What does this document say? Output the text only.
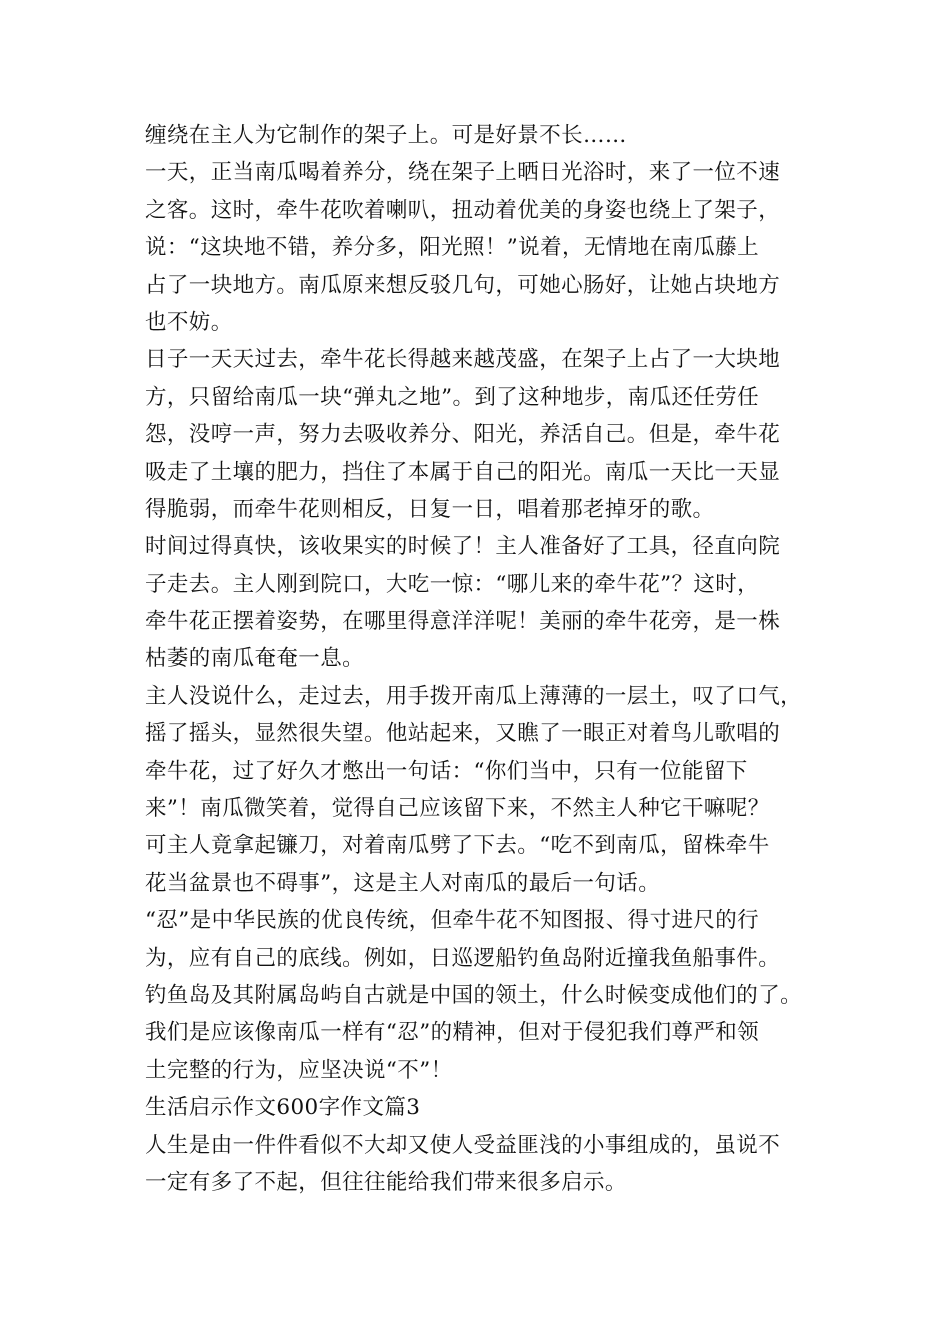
缠绕在主人为它制作的架子上。可是好景不长……
一天，正当南瓜喝着养分，绕在架子上晒日光浴时，来了一位不速
之客。这时，牵牛花吹着喇叭，扭动着优美的身姿也绕上了架子，
说：“这块地不错，养分多，阳光照！”说着，无情地在南瓜藤上
占了一块地方。南瓜原来想反驳几句，可她心肠好，让她占块地方
也不妨。
日子一天天过去，牵牛花长得越来越茂盛，在架子上占了一大块地
方，只留给南瓜一块“弹丸之地”。到了这种地步，南瓜还任劳任
怨，没哼一声，努力去吸收养分、阳光，养活自己。但是，牵牛花
吸走了土壤的肥力，挡住了本属于自己的阳光。南瓜一天比一天显
得脆弱，而牵牛花则相反，日复一日，唱着那老掉牙的歌。
时间过得真快，该收果实的时候了！主人准备好了工具，径直向院
子走去。主人刚到院口，大吃一惊：“哪儿来的牵牛花”？这时，
牵牛花正摆着姿势，在哪里得意洋洋呢！美丽的牵牛花旁，是一株
枯萎的南瓜奄奄一息。
主人没说什么，走过去，用手拨开南瓜上薄薄的一层土，叹了口气，
摇了摇头，显然很失望。他站起来，又瞧了一眼正对着鸟儿歌唱的
牵牛花，过了好久才憋出一句话：“你们当中，只有一位能留下
来”！南瓜微笑着，觉得自己应该留下来，不然主人种它干嘛呢？
可主人竟拿起镰刀，对着南瓜劈了下去。“吃不到南瓜，留株牵牛
花当盆景也不碍事”，这是主人对南瓜的最后一句话。
“忍”是中华民族的优良传统，但牵牛花不知图报、得寸进尺的行
为，应有自己的底线。例如，日巡逻船钓鱼岛附近撞我鱼船事件。
钓鱼岛及其附属岛屿自古就是中国的领土，什么时候变成他们的了。
我们是应该像南瓜一样有“忍”的精神，但对于侵犯我们尊严和领
土完整的行为，应坚决说“不”！
生活启示作文600字作文篇3
人生是由一件件看似不大却又使人受益匪浅的小事组成的，虽说不
一定有多了不起，但往往能给我们带来很多启示。
